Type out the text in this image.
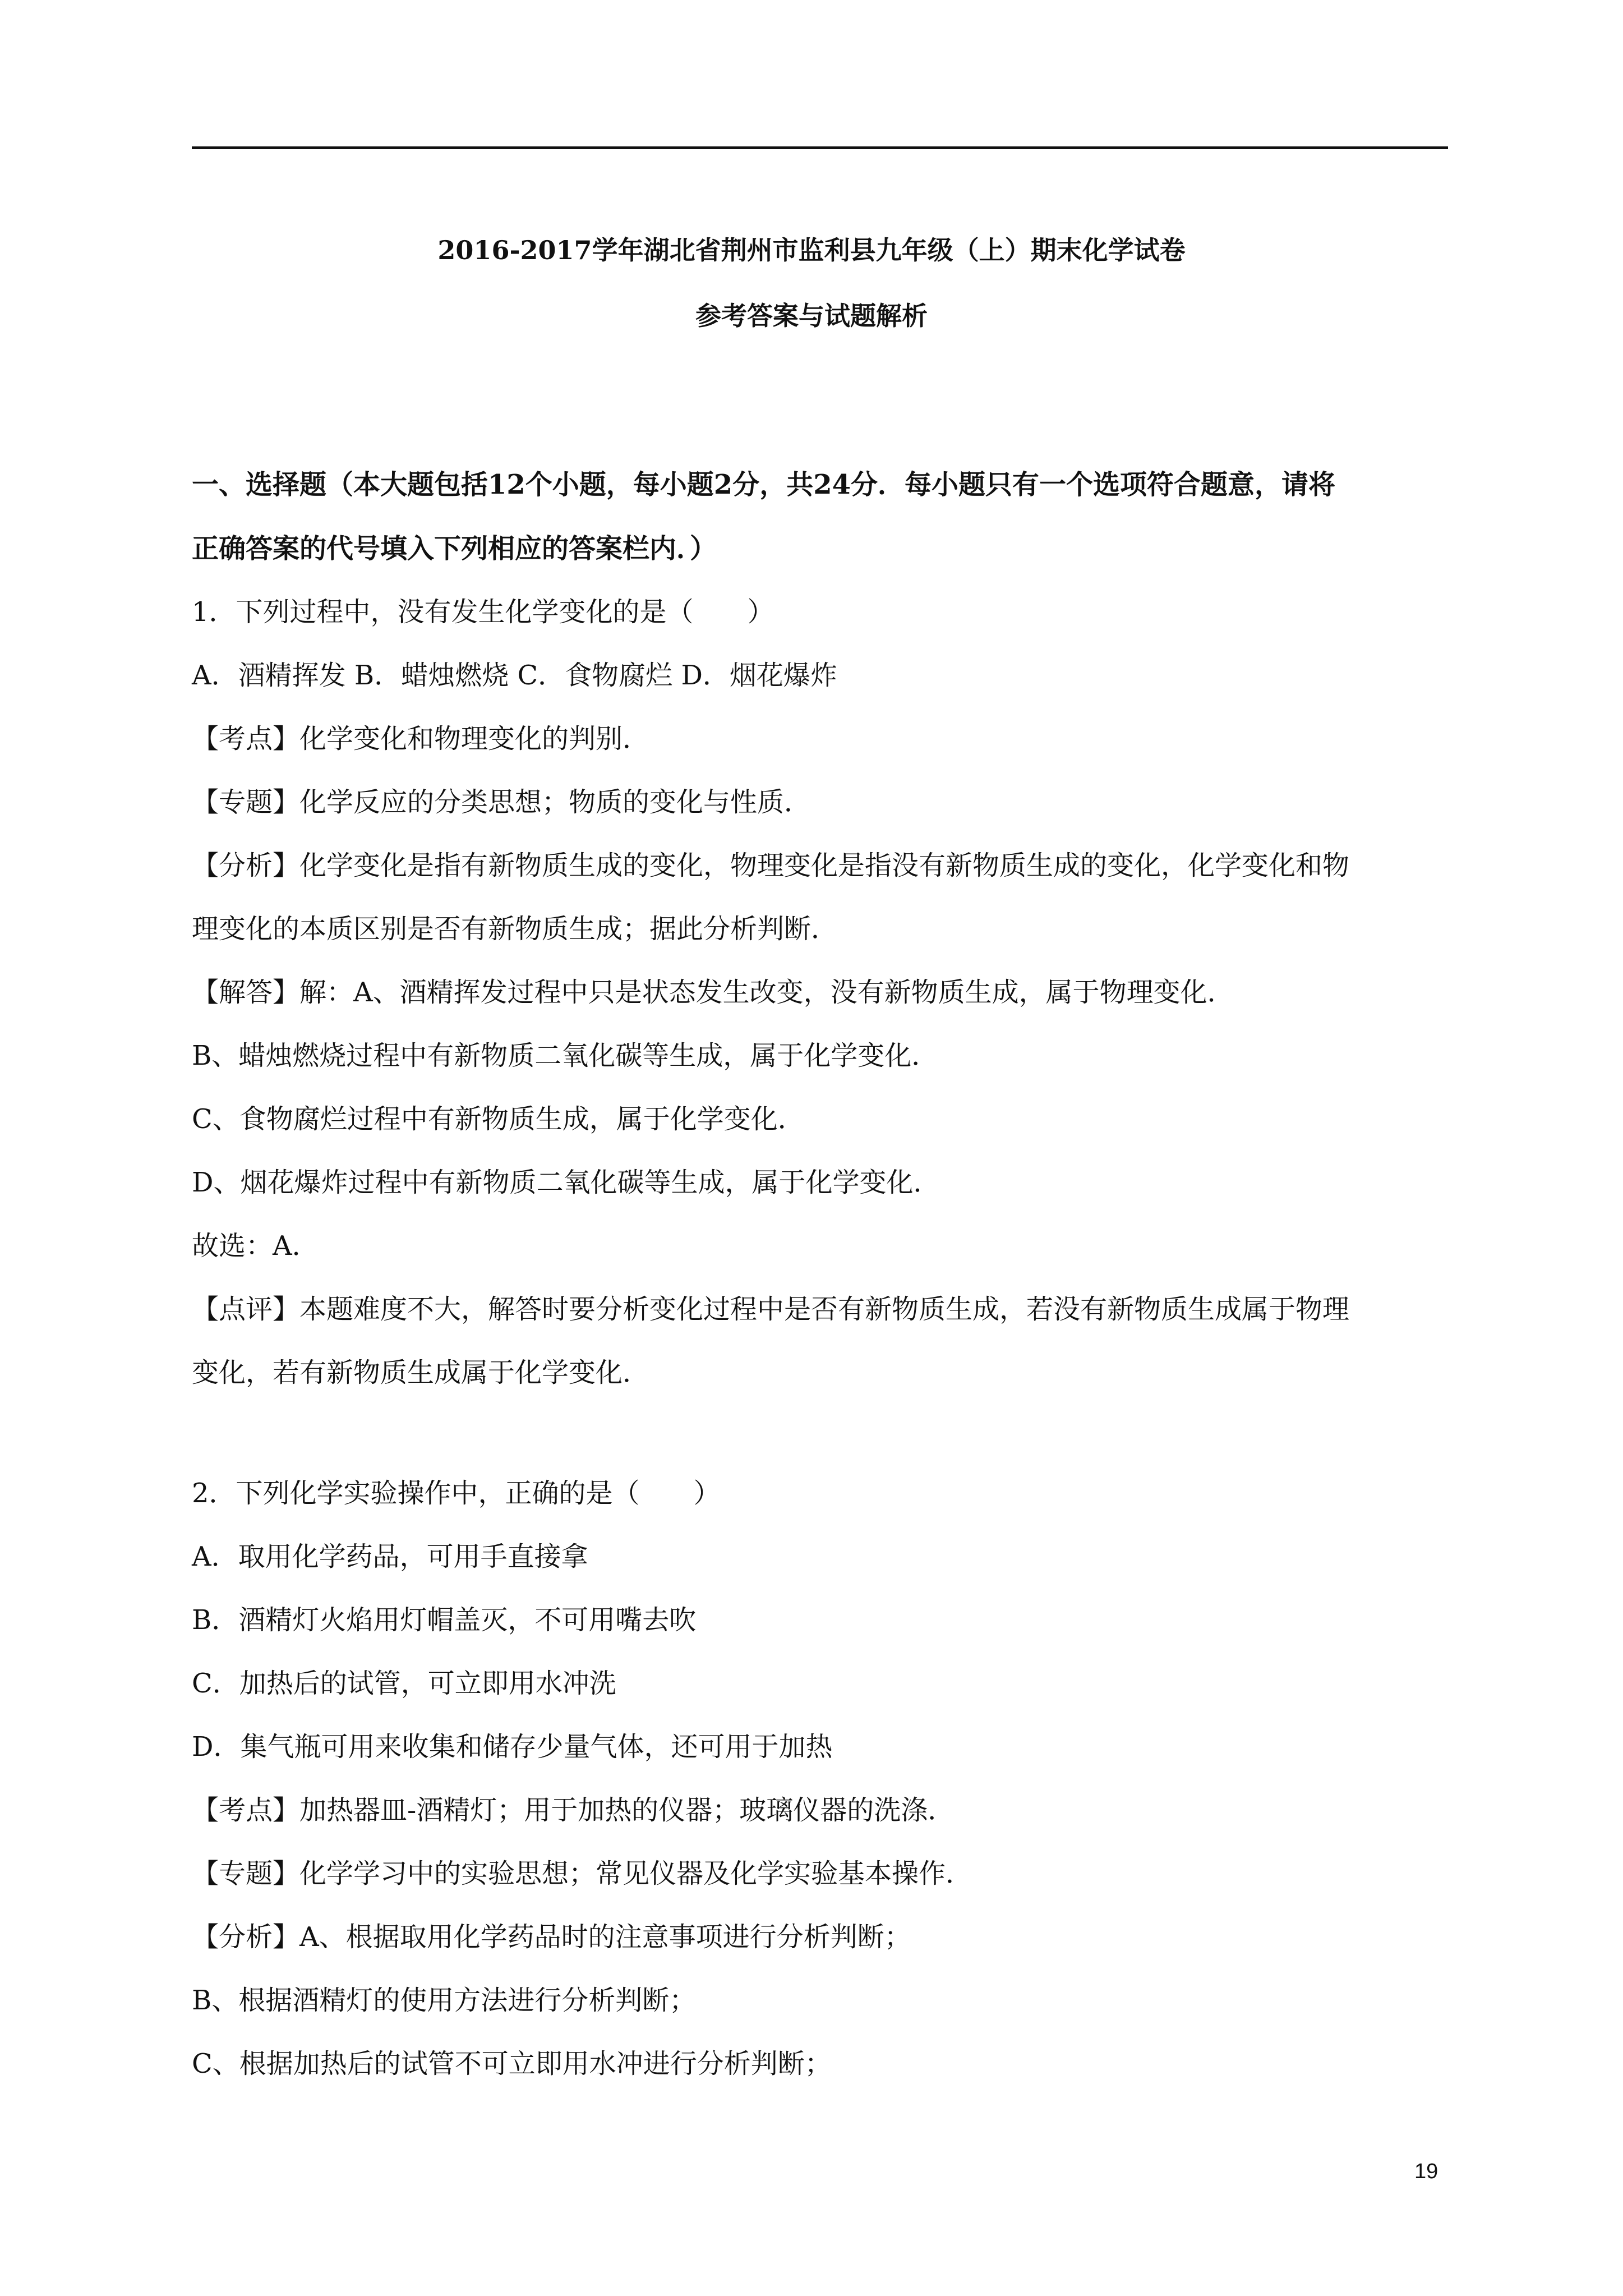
2016-2017学年湖北省荆州市监利县九年级（上）期末化学试卷
参考答案与试题解析
一、选择题（本大题包括12个小题，每小题2分，共24分．每小题只有一个选项符合题意，请将
正确答案的代号填入下列相应的答案栏内．）
1．下列过程中，没有发生化学变化的是（　　）
A．酒精挥发 B．蜡烛燃烧 C．食物腐烂 D．烟花爆炸
【考点】化学变化和物理变化的判别．
【专题】化学反应的分类思想；物质的变化与性质．
【分析】化学变化是指有新物质生成的变化，物理变化是指没有新物质生成的变化，化学变化和物
理变化的本质区别是否有新物质生成；据此分析判断．
【解答】解：A、酒精挥发过程中只是状态发生改变，没有新物质生成，属于物理变化．
B、蜡烛燃烧过程中有新物质二氧化碳等生成，属于化学变化．
C、食物腐烂过程中有新物质生成，属于化学变化．
D、烟花爆炸过程中有新物质二氧化碳等生成，属于化学变化．
故选：A．
【点评】本题难度不大，解答时要分析变化过程中是否有新物质生成，若没有新物质生成属于物理
变化，若有新物质生成属于化学变化．
2．下列化学实验操作中，正确的是（　　）
A．取用化学药品，可用手直接拿
B．酒精灯火焰用灯帽盖灭，不可用嘴去吹
C．加热后的试管，可立即用水冲洗
D．集气瓶可用来收集和储存少量气体，还可用于加热
【考点】加热器皿-酒精灯；用于加热的仪器；玻璃仪器的洗涤．
【专题】化学学习中的实验思想；常见仪器及化学实验基本操作．
【分析】A、根据取用化学药品时的注意事项进行分析判断；
B、根据酒精灯的使用方法进行分析判断；
C、根据加热后的试管不可立即用水冲进行分析判断；
19
